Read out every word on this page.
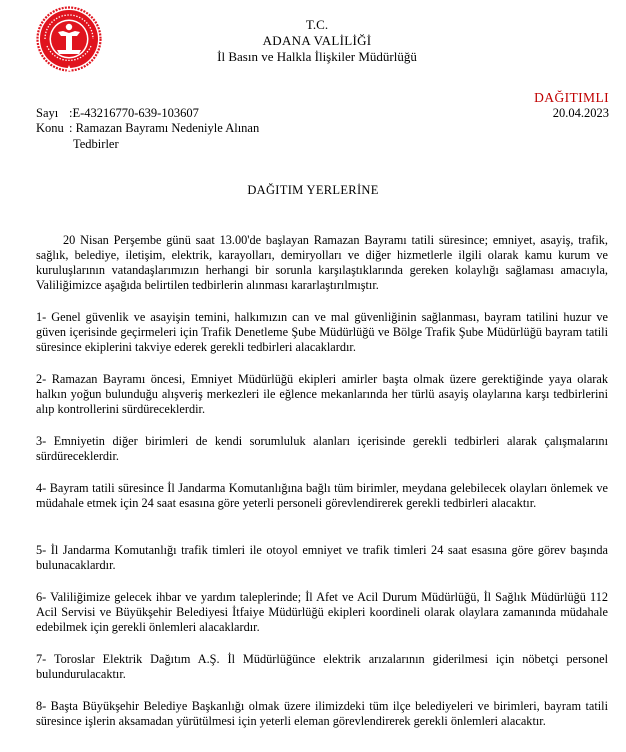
T.C.
ADANA VALİLİĞİ
İl Basın ve Halkla İlişkiler Müdürlüğü
DAĞITIMLI
Sayı :E-43216770-639-103607	20.04.2023
Konu : Ramazan Bayramı Nedeniyle Alınan
Tedbirler
DAĞITIM YERLERİNE
20 Nisan Perşembe günü saat 13.00'de başlayan Ramazan Bayramı tatili süresince; emniyet, asayiş, trafik, sağlık, belediye, iletişim, elektrik, karayolları, demiryolları ve diğer hizmetlerle ilgili olarak kamu kurum ve kuruluşlarının vatandaşlarımızın herhangi bir sorunla karşılaştıklarında gereken kolaylığı sağlaması amacıyla, Valiliğimizce aşağıda belirtilen tedbirlerin alınması kararlaştırılmıştır.
1- Genel güvenlik ve asayişin temini, halkımızın can ve mal güvenliğinin sağlanması, bayram tatilini huzur ve güven içerisinde geçirmeleri için Trafik Denetleme Şube Müdürlüğü ve Bölge Trafik Şube Müdürlüğü bayram tatili süresince ekiplerini takviye ederek gerekli tedbirleri alacaklardır.
2- Ramazan Bayramı öncesi, Emniyet Müdürlüğü ekipleri amirler başta olmak üzere gerektiğinde yaya olarak halkın yoğun bulunduğu alışveriş merkezleri ile eğlence mekanlarında her türlü asayiş olaylarına karşı tedbirlerini alıp kontrollerini sürdüreceklerdir.
3- Emniyetin diğer birimleri de kendi sorumluluk alanları içerisinde gerekli tedbirleri alarak çalışmalarını sürdüreceklerdir.
4- Bayram tatili süresince İl Jandarma Komutanlığına bağlı tüm birimler, meydana gelebilecek olayları önlemek ve müdahale etmek için 24 saat esasına göre yeterli personeli görevlendirerek gerekli tedbirleri alacaktır.
5- İl Jandarma Komutanlığı trafik timleri ile otoyol emniyet ve trafik timleri 24 saat esasına göre görev başında bulunacaklardır.
6- Valiliğimize gelecek ihbar ve yardım taleplerinde; İl Afet ve Acil Durum Müdürlüğü, İl Sağlık Müdürlüğü 112 Acil Servisi ve Büyükşehir Belediyesi İtfaiye Müdürlüğü ekipleri koordineli olarak olaylara zamanında müdahale edebilmek için gerekli önlemleri alacaklardır.
7- Toroslar Elektrik Dağıtım A.Ş. İl Müdürlüğünce elektrik arızalarının giderilmesi için nöbetçi personel bulundurulacaktır.
8- Başta Büyükşehir Belediye Başkanlığı olmak üzere ilimizdeki tüm ilçe belediyeleri ve birimleri, bayram tatili süresince işlerin aksamadan yürütülmesi için yeterli eleman görevlendirerek gerekli önlemleri alacaktır.
